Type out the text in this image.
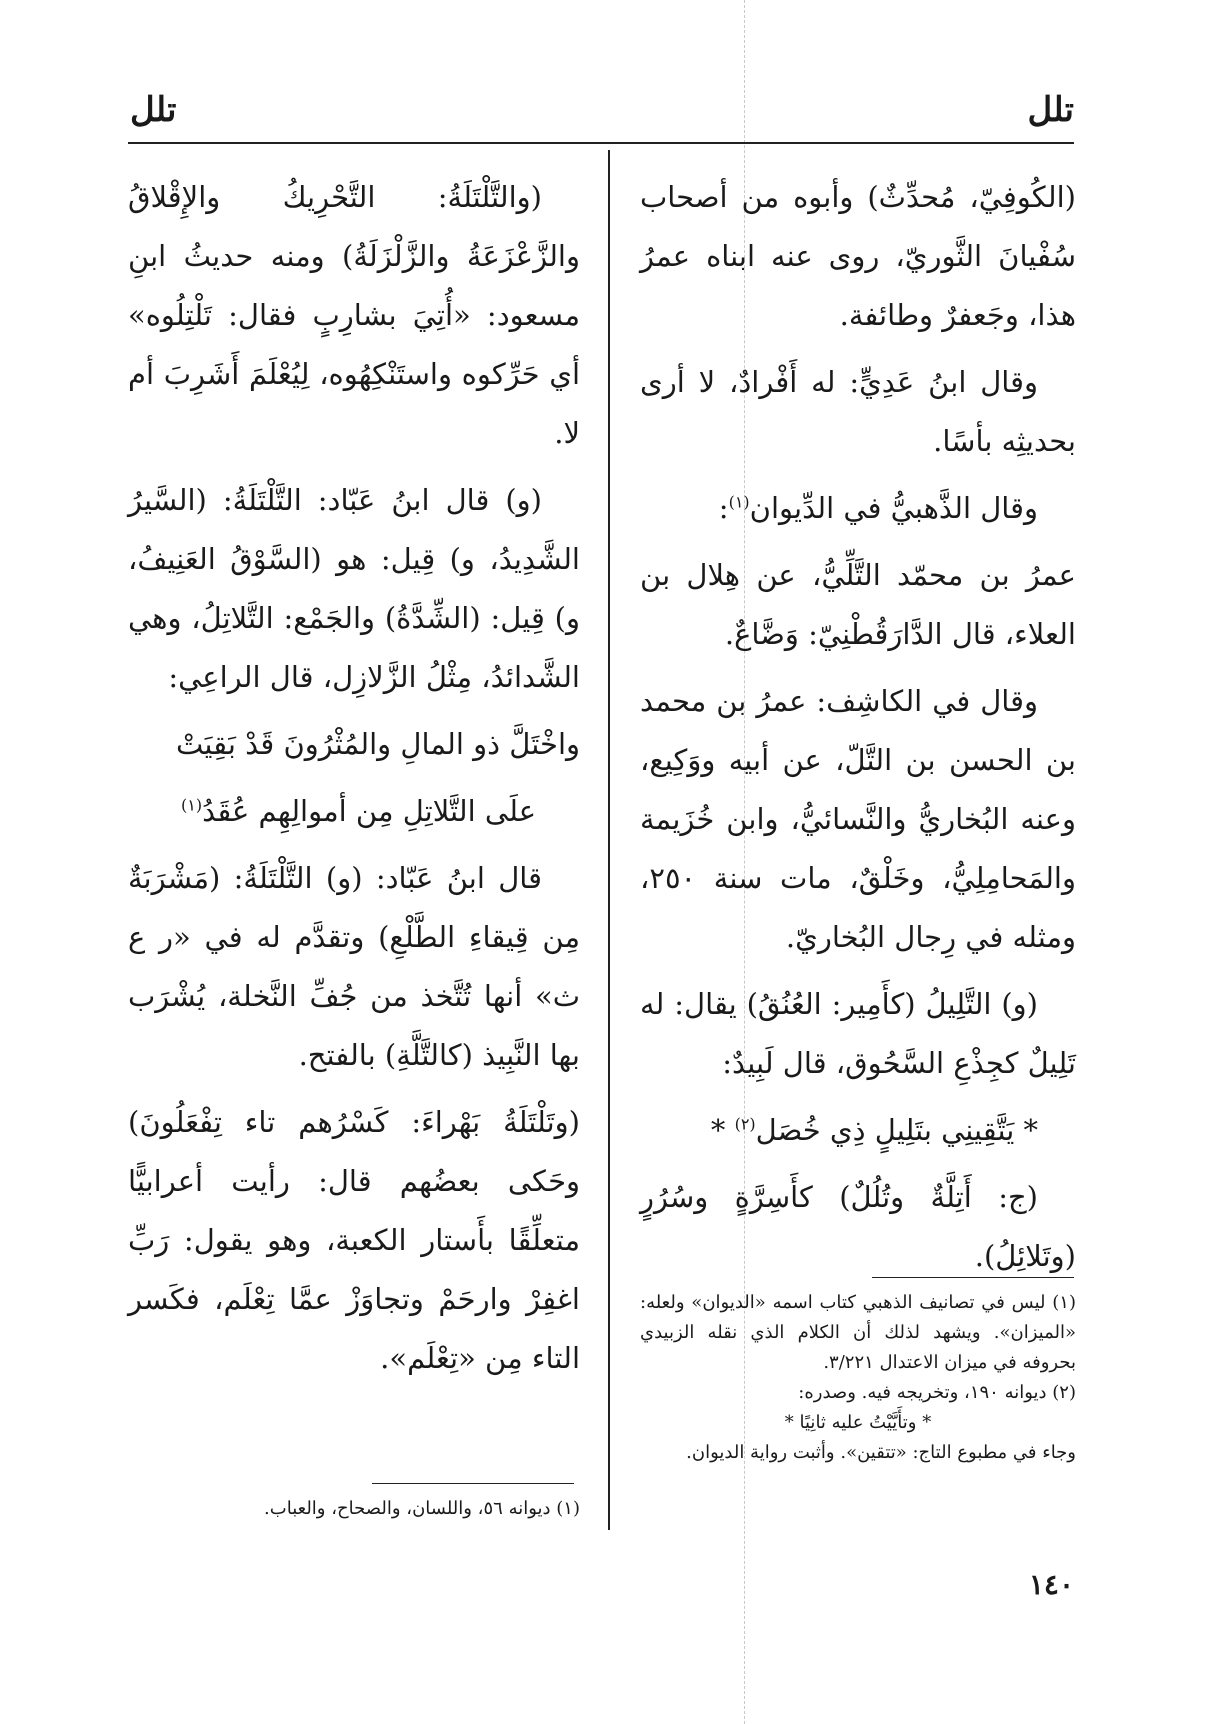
تلل
تلل

(الكُوفِيّ، مُحدِّثٌ) وأبوه من أصحاب سُفْيانَ الثَّوريّ، روى عنه ابناه عمرُ هذا، وجَعفرٌ وطائفة.

وقال ابنُ عَدِيٍّ: له أَفْرادٌ، لا أرى بحديثِه بأسًا.

وقال الذَّهبيُّ في الدِّيوان$^{(١)}$:

عمرُ بن محمّد التَّلِّيُّ، عن هِلال بن العلاء، قال الدَّارَقُطْنِيّ: وَضَّاعٌ.

وقال في الكاشِف: عمرُ بن محمد بن الحسن بن التَّلّ، عن أبيه ووَكِيع، وعنه البُخاريُّ والنَّسائيُّ، وابن خُزَيمة والمَحامِلِيُّ، وخَلْقٌ، مات سنة ٢٥٠، ومثله في رِجال البُخاريّ.

(و) التَّلِيلُ (كأَمِير: العُنُقُ) يقال: له تَلِيلٌ كجِذْعِ السَّحُوق، قال لَبِيدٌ:

* يَتَّقِينِي بتَلِيلٍ ذِي خُصَل$^{(٢)}$ *

(ج: أَتِلَّةٌ وتُلُلٌ) كأَسِرَّةٍ وسُرُرٍ (وتَلائِلُ).

(١) ليس في تصانيف الذهبي كتاب اسمه «الديوان» ولعله: «الميزان». ويشهد لذلك أن الكلام الذي نقله الزبيدي بحروفه في ميزان الاعتدال ٣/٢٢١.

(٢) ديوانه ١٩٠، وتخريجه فيه. وصدره:

* وتأَيَّيْتُ عليه ثانِيًا *

وجاء في مطبوع التاج: «تتقين». وأثبت رواية الديوان.

(والتَّلْتَلَةُ: التَّحْرِيكُ والإِقْلاقُ والزَّعْزَعَةُ والزَّلْزَلَةُ) ومنه حديثُ ابنِ مسعود: «أُتِيَ بشارِبٍ فقال: تَلْتِلُوه» أي حَرِّكوه واستَنْكِهُوه، لِيُعْلَمَ أَشَرِبَ أم لا.

(و) قال ابنُ عَبّاد: التَّلْتَلَةُ: (السَّيرُ الشَّدِيدُ، و) قِيل: هو (السَّوْقُ العَنِيفُ، و) قِيل: (الشِّدَّةُ) والجَمْع: التَّلاتِلُ، وهي الشَّدائدُ، مِثْلُ الزَّلازِل، قال الراعِي:

واخْتَلَّ ذو المالِ والمُثْرُونَ قَدْ بَقِيَتْ

علَى التَّلاتِلِ مِن أموالِهِم عُقَدُ$^{(١)}$

قال ابنُ عَبّاد: (و) التَّلْتَلَةُ: (مَشْرَبَةٌ مِن قِيقاءِ الطَّلْعِ) وتقدَّم له في «ر ع ث» أنها تُتَّخذ من جُفِّ النَّخلة، يُشْرَب بها النَّبِيذ (كالتَّلَّةِ) بالفتح.

(وتَلْتَلَةُ بَهْراءَ: كَسْرُهم تاء تِفْعَلُونَ) وحَكى بعضُهم قال: رأيت أعرابيًّا متعلِّقًا بأَستار الكعبة، وهو يقول: رَبِّ اغفِرْ وارحَمْ وتجاوَزْ عمَّا تِعْلَم، فكَسر التاء مِن «تِعْلَم».

(١) ديوانه ٥٦، واللسان، والصحاح، والعباب.

١٤٠
